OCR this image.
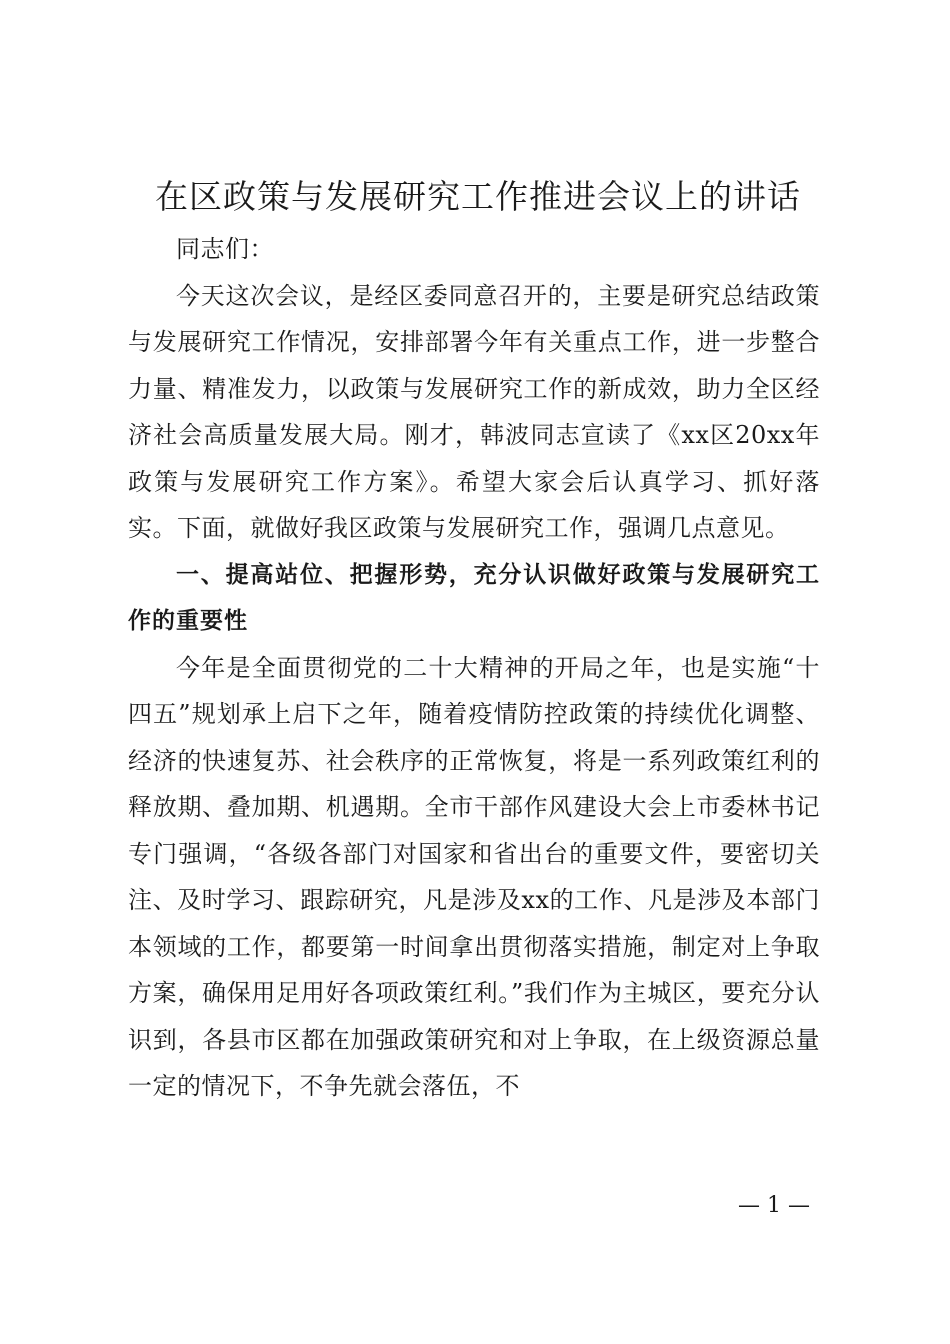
在区政策与发展研究工作推进会议上的讲话

同志们：

今天这次会议，是经区委同意召开的，主要是研究总结政策与发展研究工作情况，安排部署今年有关重点工作，进一步整合力量、精准发力，以政策与发展研究工作的新成效，助力全区经济社会高质量发展大局。刚才，韩波同志宣读了《xx区20xx年政策与发展研究工作方案》。希望大家会后认真学习、抓好落实。下面，就做好我区政策与发展研究工作，强调几点意见。

一、提高站位、把握形势，充分认识做好政策与发展研究工作的重要性

今年是全面贯彻党的二十大精神的开局之年，也是实施“十四五”规划承上启下之年，随着疫情防控政策的持续优化调整、经济的快速复苏、社会秩序的正常恢复，将是一系列政策红利的释放期、叠加期、机遇期。全市干部作风建设大会上市委林书记专门强调，“各级各部门对国家和省出台的重要文件，要密切关注、及时学习、跟踪研究，凡是涉及xx的工作、凡是涉及本部门本领域的工作，都要第一时间拿出贯彻落实措施，制定对上争取方案，确保用足用好各项政策红利。”我们作为主城区，要充分认识到，各县市区都在加强政策研究和对上争取，在上级资源总量一定的情况下，不争先就会落伍，不

— 1 —
